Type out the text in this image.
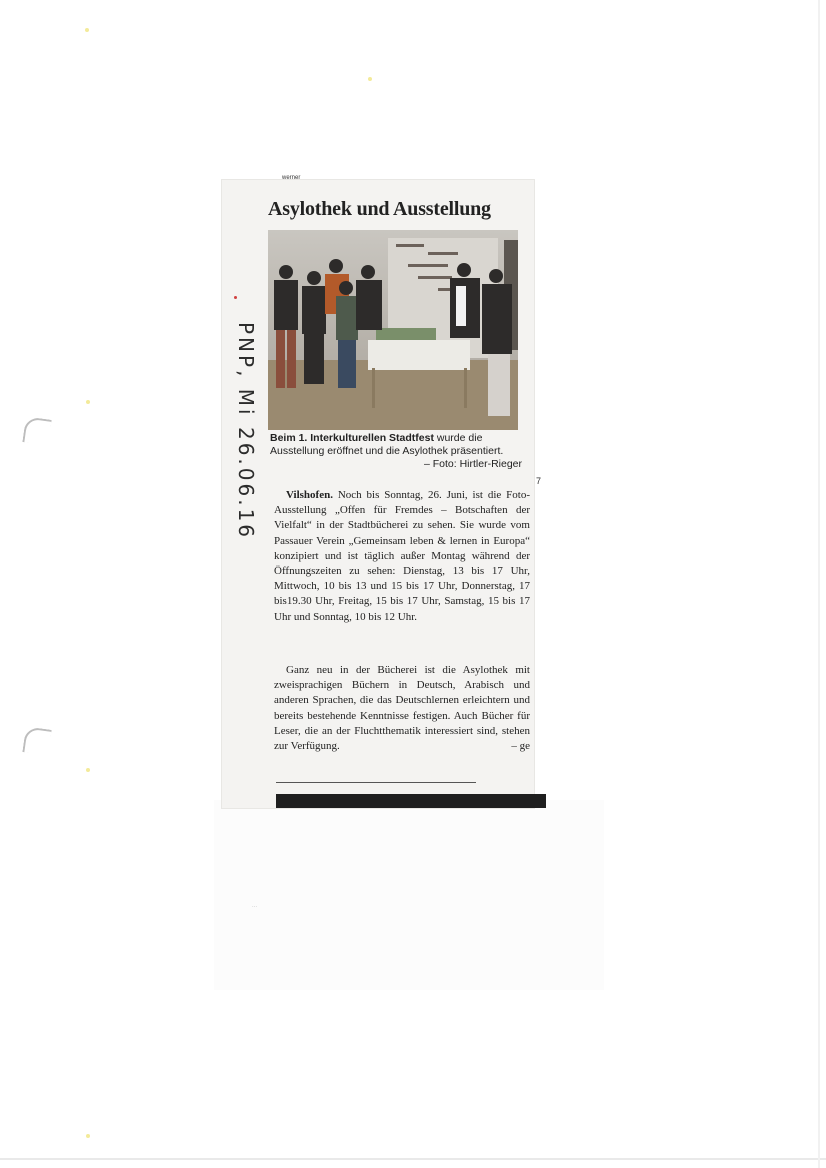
werner
Asylothek und Ausstellung
Beim 1. Interkulturellen Stadtfest wurde die Ausstellung eröffnet und die Asylothek präsentiert.
– Foto: Hirtler-Rieger
Vilshofen. Noch bis Sonntag, 26. Juni, ist die Foto-Ausstellung „Offen für Fremdes – Botschaften der Vielfalt“ in der Stadtbücherei zu sehen. Sie wurde vom Passauer Verein „Gemeinsam leben & lernen in Europa“ konzipiert und ist täglich außer Montag während der Öffnungszeiten zu sehen: Dienstag, 13 bis 17 Uhr, Mittwoch, 10 bis 13 und 15 bis 17 Uhr, Donnerstag, 17 bis19.30 Uhr, Freitag, 15 bis 17 Uhr, Samstag, 15 bis 17 Uhr und Sonntag, 10 bis 12 Uhr.
Ganz neu in der Bücherei ist die Asylothek mit zweisprachigen Büchern in Deutsch, Arabisch und anderen Sprachen, die das Deutschlernen erleichtern und bereits bestehende Kenntnisse festigen. Auch Bücher für Leser, die an der Fluchtthematik interessiert sind, stehen zur Verfügung.	– ge
7
PNP, Mi 26.06.16
···
